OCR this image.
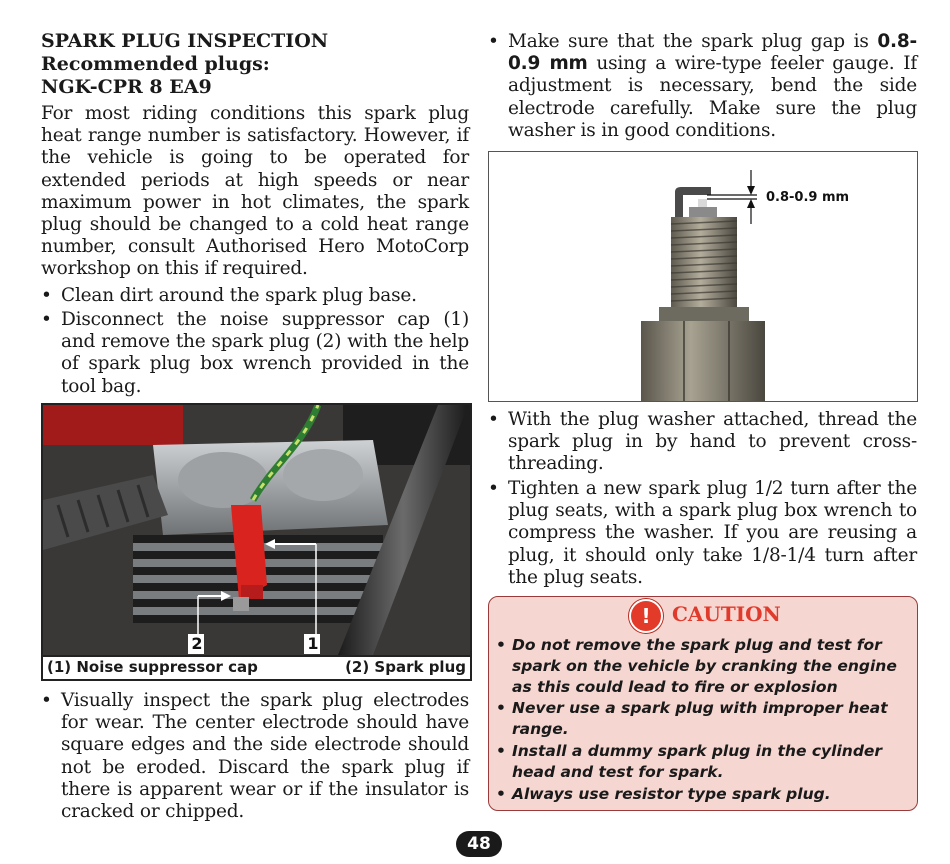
SPARK PLUG INSPECTION
Recommended plugs:
NGK-CPR 8 EA9
For most riding conditions this spark plug heat range number is satisfactory. However, if the vehicle is going to be operated for extended periods at high speeds or near maximum power in hot climates, the spark plug should be changed to a cold heat range number, consult Authorised Hero MotoCorp workshop on this if required.
• Clean dirt around the spark plug base.
• Disconnect the noise suppressor cap (1) and remove the spark plug (2) with the help of spark plug box wrench provided in the tool bag.
2	1
(1) Noise suppressor cap	(2) Spark plug
• Visually inspect the spark plug electrodes for wear. The center electrode should have square edges and the side electrode should not be eroded. Discard the spark plug if there is apparent wear or if the insulator is cracked or chipped.
• Make sure that the spark plug gap is 0.8-0.9 mm using a wire-type feeler gauge. If adjustment is necessary, bend the side electrode carefully. Make sure the plug washer is in good conditions.
0.8-0.9 mm
• With the plug washer attached, thread the spark plug in by hand to prevent cross-threading.
• Tighten a new spark plug 1/2 turn after the plug seats, with a spark plug box wrench to compress the washer. If you are reusing a plug, it should only take 1/8-1/4 turn after the plug seats.
!	CAUTION
• Do not remove the spark plug and test for spark on the vehicle by cranking the engine as this could lead to fire or explosion
• Never use a spark plug with improper heat range.
• Install a dummy spark plug in the cylinder head and test for spark.
• Always use resistor type spark plug.
48
